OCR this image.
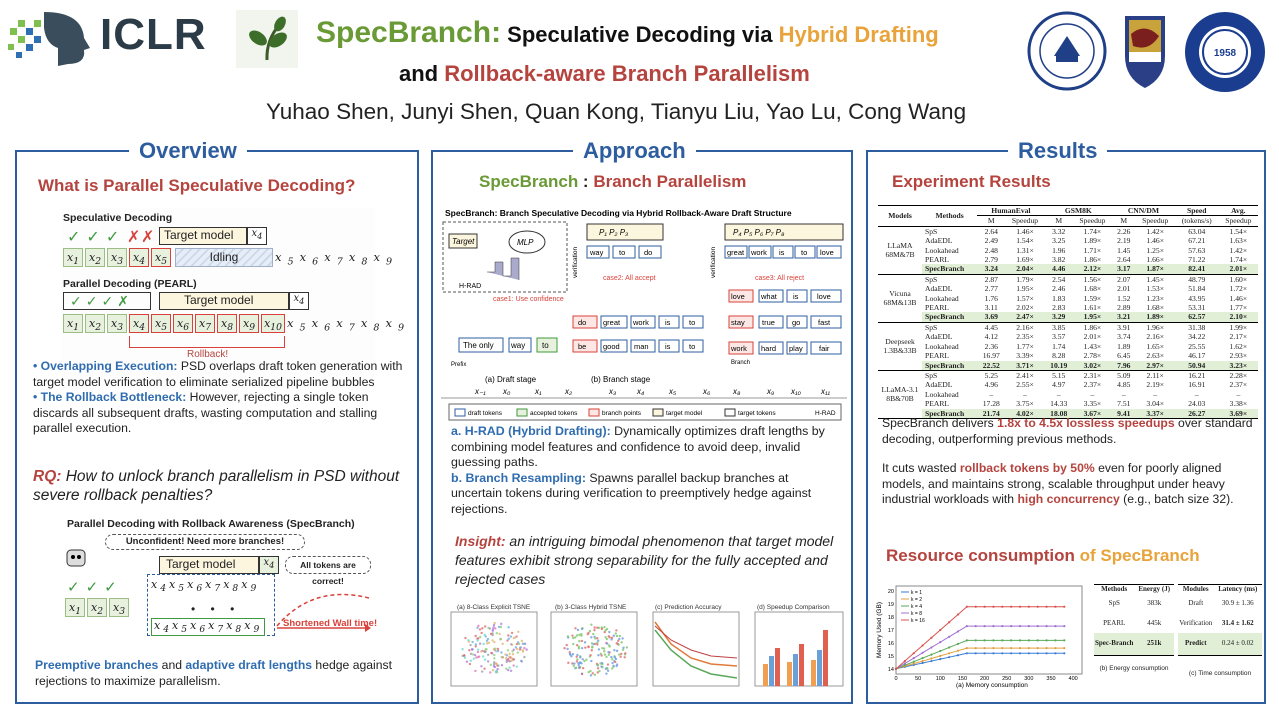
ICLR	SpecBranch: Speculative Decoding via Hybrid Drafting
and Rollback-aware Branch Parallelism
Yuhao Shen, Junyi Shen, Quan Kong, Tianyu Liu, Yao Lu, Cong Wang
1958
Overview
What is Parallel Speculative Decoding?
Speculative Decoding
✓✓✓ ✗ ✗ Target model	$x_4$
$x_1$ $x_2$ $x_3$ $x_4$ $x_5$	Idling	$x_5x_6x_7x_8x_9$
Parallel Decoding (PEARL)
✓✓✓✗	Target model	$x_4$
$x_1$ $x_2$ $x_3$ $x_4$ $x_5$ $x_6$ $x_7$ $x_8$ $x_9$ $x_{10}$ $x_5x_6x_7x_8x_9$
Rollback!

• Overlapping Execution: PSD overlaps draft token generation with target model verification to eliminate serialized pipeline bubbles

• The Rollback Bottleneck: However, rejecting a single token discards all subsequent drafts, wasting computation and stalling parallel execution.

RQ: How to unlock branch parallelism in PSD without severe rollback penalties?
Parallel Decoding with Rollback Awareness (SpecBranch)
Unconfident! Need more branches!
Target model	$x_4$	All tokens are correct!
✓✓✓	$x_4x_5x_6x_7x_8x_9$
$x_1$ $x_2$ $x_3$	• • •
$x_4x_5x_6x_7x_8x_9$
Shortened Wall time!
Preemptive branches and adaptive draft lengths hedge against rejections to maximize parallelism.
Approach
SpecBranch : Branch Parallelism
SpecBranch: Branch Speculative Decoding via Hybrid Rollback-Aware Draft Structure
Target	MLP
H-RAD
case1: Use confidence
The only way to
Prefix
(a) Draft stage
P₁ P₂ P₃	P₄ P₅ P₆ P₇ P₈
way to do	great work is to love
case2: All accept	case3: All reject
verification	verification
do great work is to
be good man is to
(b) Branch stage
love what is love
stay true go fast
work hard play fair
Branch
x₋₁ x₀	x₁	x₂	x₃	x₄	x₅	x₆	x₈	x₉ x₁₀	x₁₁
draft tokens	accepted tokens	branch points	target model	target tokens	H-RAD

a. H-RAD (Hybrid Drafting): Dynamically optimizes draft lengths by combining model features and confidence to avoid deep, invalid guessing paths.

b. Branch Resampling: Spawns parallel backup branches at uncertain tokens during verification to preemptively hedge against rejections.

Insight: an intriguing bimodal phenomenon that target model features exhibit strong separability for the fully accepted and rejected cases
(a) 8-Class Explicit TSNE	(b) 3-Class Hybrid TSNE	(c) Prediction Accuracy	(d) Speedup Comparison
Results
Experiment Results
Models	Methods	HumanEval		GSM8K		CNN/DM		Speed	Avg.
		M	Speedup	M	Speedup	M	Speedup	(tokens/s)	Speedup
LLaMA 68M&7B	SpS	2.64	1.46×	3.32	1.74×	2.26	1.42×	63.04	1.54×
	AdaEDL	2.49	1.54×	3.25	1.89×	2.19	1.46×	67.21	1.63×
	Lookahead	2.48	1.31×	1.96	1.71×	1.45	1.25×	57.63	1.42×
	PEARL	2.79	1.69×	3.82	1.86×	2.64	1.66×	71.22	1.74×
	SpecBranch	3.24	2.04×	4.46	2.12×	3.17	1.87×	82.41	2.01×
Vicuna 68M&13B	SpS	2.87	1.79×	2.54	1.56×	2.07	1.45×	48.79	1.60×
	AdaEDL	2.77	1.95×	2.46	1.68×	2.01	1.53×	51.84	1.72×
	Lookahead	1.76	1.57×	1.83	1.59×	1.52	1.23×	43.95	1.46×
	PEARL	3.11	2.02×	2.83	1.61×	2.89	1.68×	53.31	1.77×
	SpecBranch	3.69	2.47×	3.29	1.95×	3.21	1.89×	62.57	2.10×
Deepseek 1.3B&33B	SpS	4.45	2.16×	3.85	1.86×	3.91	1.96×	31.38	1.99×
	AdaEDL	4.12	2.35×	3.57	2.01×	3.74	2.16×	34.22	2.17×
	Lookahead	2.36	1.77×	1.74	1.43×	1.89	1.65×	25.55	1.62×
	PEARL	16.97	3.39×	8.28	2.78×	6.45	2.63×	46.17	2.93×
	SpecBranch	22.52	3.71×	10.19	3.02×	7.96	2.97×	50.94	3.23×
LLaMA-3.1 8B&70B	SpS	5.25	2.41×	5.15	2.31×	5.09	2.11×	16.21	2.28×
	AdaEDL	4.96	2.55×	4.97	2.37×	4.85	2.19×	16.91	2.37×
	Lookahead	–	–	–	–	–	–	–	–
	PEARL	17.28	3.75×	14.33	3.35×	7.51	3.04×	24.03	3.38×
	SpecBranch	21.74	4.02×	18.08	3.67×	9.41	3.37×	26.27	3.69×

SpecBranch delivers 1.8x to 4.5x lossless speedups over standard decoding, outperforming previous methods.

It cuts wasted rollback tokens by 50% even for poorly aligned models, and maintains strong, scalable throughput under heavy industrial workloads with high concurrency (e.g., batch size 32).

Resource consumption of SpecBranch
Memory Used (GB)
14
15
16
17
18
19
20
0	50	100 150 200 250 300 350 400
k = 1
k = 2
k = 4
k = 8
k = 16
(a) Memory consumption
Methods	Energy (J)
SpS	383k
PEARL	445k
Spec-Branch	251k
(b) Energy consumption
Modules	Latency (ms)
Draft	30.9 ± 1.36
Verification	31.4 ± 1.62
Predict	0.24 ± 0.02
(c) Time consumption
